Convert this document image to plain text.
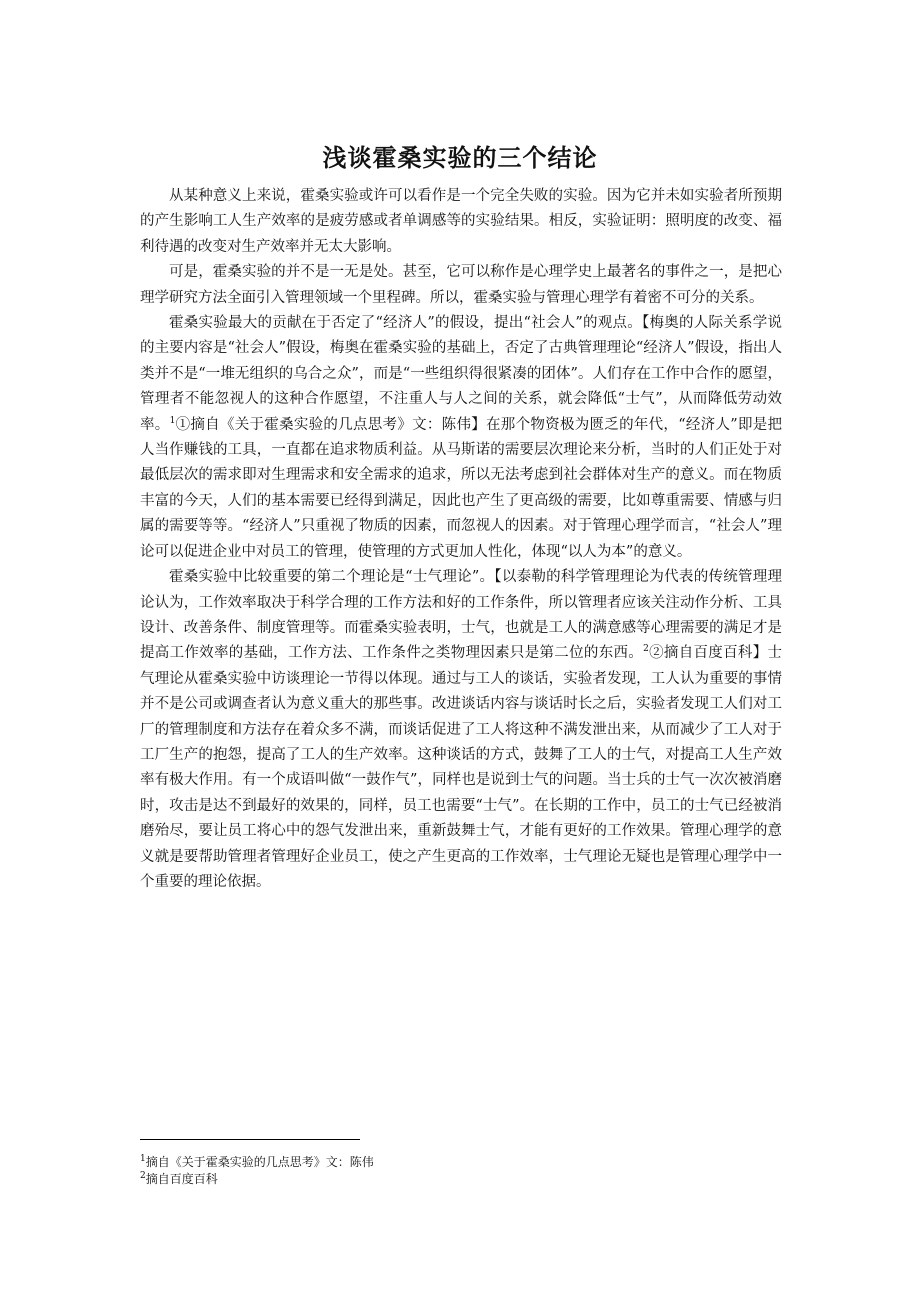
浅谈霍桑实验的三个结论

从某种意义上来说，霍桑实验或许可以看作是一个完全失败的实验。因为它并未如实验者所预期的产生影响工人生产效率的是疲劳感或者单调感等的实验结果。相反，实验证明：照明度的改变、福利待遇的改变对生产效率并无太大影响。

可是，霍桑实验的并不是一无是处。甚至，它可以称作是心理学史上最著名的事件之一，是把心理学研究方法全面引入管理领域一个里程碑。所以，霍桑实验与管理心理学有着密不可分的关系。

霍桑实验最大的贡献在于否定了“经济人”的假设，提出“社会人”的观点。【梅奥的人际关系学说的主要内容是“社会人”假设，梅奥在霍桑实验的基础上，否定了古典管理理论“经济人”假设，指出人类并不是“一堆无组织的乌合之众”，而是“一些组织得很紧凑的团体”。人们存在工作中合作的愿望，管理者不能忽视人的这种合作愿望，不注重人与人之间的关系，就会降低“士气”，从而降低劳动效率。$^1$①摘自《关于霍桑实验的几点思考》文：陈伟】在那个物资极为匮乏的年代，“经济人”即是把人当作赚钱的工具，一直都在追求物质利益。从马斯诺的需要层次理论来分析，当时的人们正处于对最低层次的需求即对生理需求和安全需求的追求，所以无法考虑到社会群体对生产的意义。而在物质丰富的今天，人们的基本需要已经得到满足，因此也产生了更高级的需要，比如尊重需要、情感与归属的需要等等。“经济人”只重视了物质的因素，而忽视人的因素。对于管理心理学而言，“社会人”理论可以促进企业中对员工的管理，使管理的方式更加人性化，体现“以人为本”的意义。

霍桑实验中比较重要的第二个理论是“士气理论”。【以泰勒的科学管理理论为代表的传统管理理论认为，工作效率取决于科学合理的工作方法和好的工作条件，所以管理者应该关注动作分析、工具设计、改善条件、制度管理等。而霍桑实验表明，士气，也就是工人的满意感等心理需要的满足才是提高工作效率的基础，工作方法、工作条件之类物理因素只是第二位的东西。$^2$②摘自百度百科】士气理论从霍桑实验中访谈理论一节得以体现。通过与工人的谈话，实验者发现，工人认为重要的事情并不是公司或调查者认为意义重大的那些事。改进谈话内容与谈话时长之后，实验者发现工人们对工厂的管理制度和方法存在着众多不满，而谈话促进了工人将这种不满发泄出来，从而减少了工人对于工厂生产的抱怨，提高了工人的生产效率。这种谈话的方式，鼓舞了工人的士气，对提高工人生产效率有极大作用。有一个成语叫做“一鼓作气”，同样也是说到士气的问题。当士兵的士气一次次被消磨时，攻击是达不到最好的效果的，同样，员工也需要“士气”。在长期的工作中，员工的士气已经被消磨殆尽，要让员工将心中的怨气发泄出来，重新鼓舞士气，才能有更好的工作效果。管理心理学的意义就是要帮助管理者管理好企业员工，使之产生更高的工作效率，士气理论无疑也是管理心理学中一个重要的理论依据。

$^1$摘自《关于霍桑实验的几点思考》文：陈伟
$^2$摘自百度百科
